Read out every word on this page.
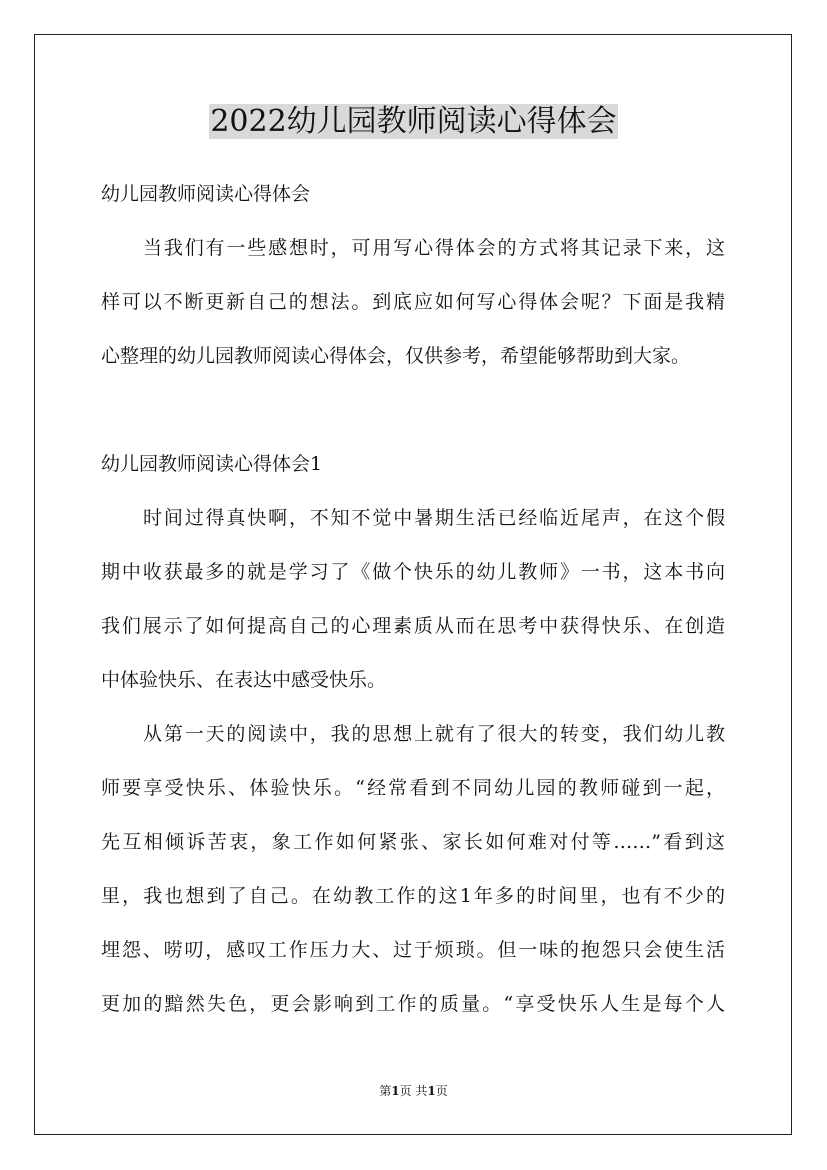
2022幼儿园教师阅读心得体会
幼儿园教师阅读心得体会
当我们有一些感想时，可用写心得体会的方式将其记录下来，这
样可以不断更新自己的想法。到底应如何写心得体会呢？下面是我精
心整理的幼儿园教师阅读心得体会，仅供参考，希望能够帮助到大家。
幼儿园教师阅读心得体会1
时间过得真快啊，不知不觉中暑期生活已经临近尾声，在这个假
期中收获最多的就是学习了《做个快乐的幼儿教师》一书，这本书向
我们展示了如何提高自己的心理素质从而在思考中获得快乐、在创造
中体验快乐、在表达中感受快乐。
从第一天的阅读中，我的思想上就有了很大的转变，我们幼儿教
师要享受快乐、体验快乐。“经常看到不同幼儿园的教师碰到一起，
先互相倾诉苦衷，象工作如何紧张、家长如何难对付等……”看到这
里，我也想到了自己。在幼教工作的这1年多的时间里，也有不少的
埋怨、唠叨，感叹工作压力大、过于烦琐。但一味的抱怨只会使生活
更加的黯然失色，更会影响到工作的质量。“享受快乐人生是每个人
第1页 共1页
